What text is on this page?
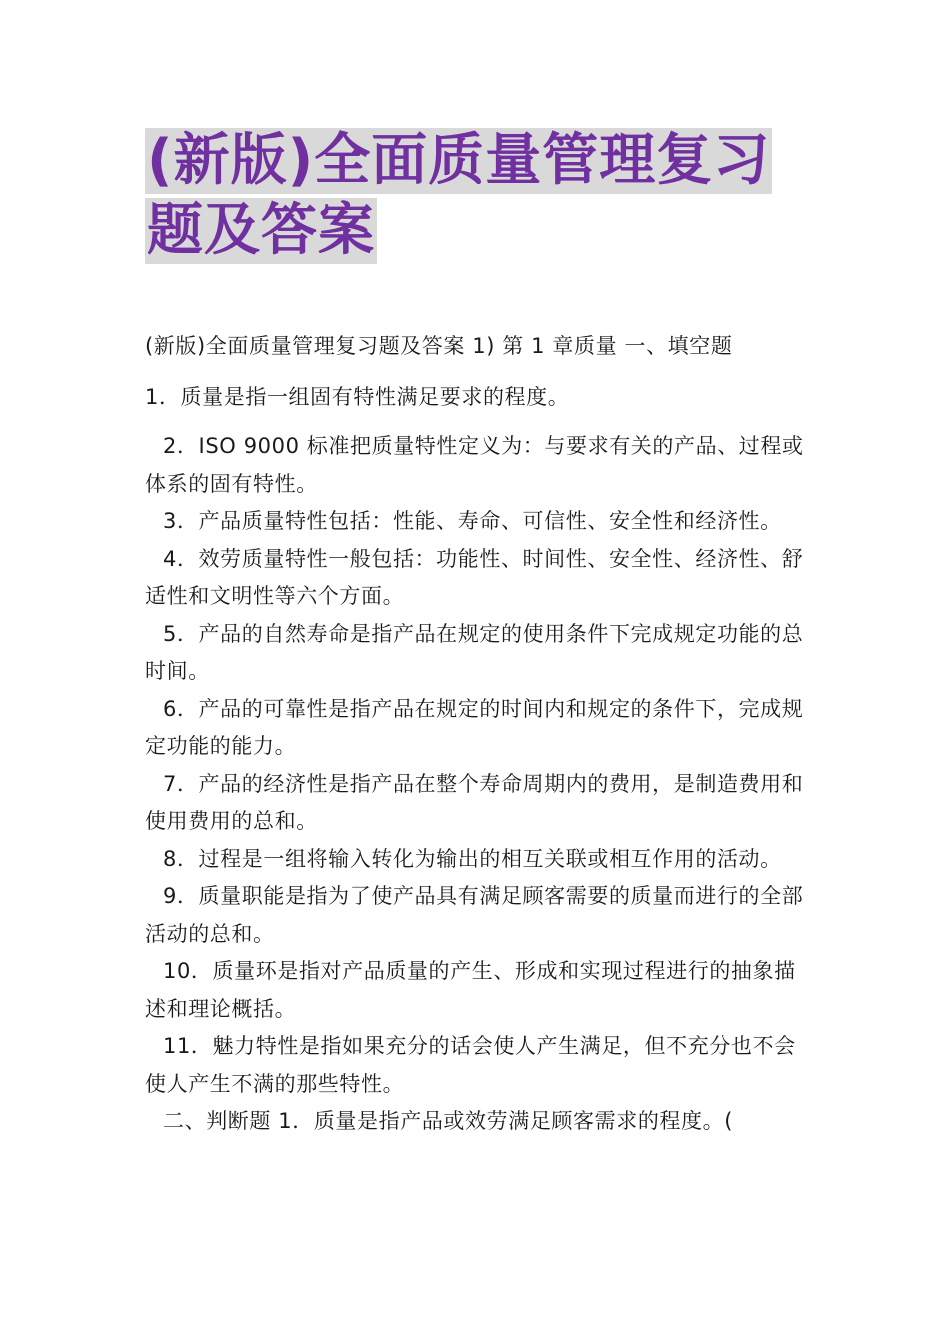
(新版)全面质量管理复习
题及答案

(新版)全面质量管理复习题及答案 1) 第 1 章质量 一、填空题

1．质量是指一组固有特性满足要求的程度。

2．ISO 9000 标准把质量特性定义为：与要求有关的产品、过程或体系的固有特性。

3．产品质量特性包括：性能、寿命、可信性、安全性和经济性。

4．效劳质量特性一般包括：功能性、时间性、安全性、经济性、舒适性和文明性等六个方面。

5．产品的自然寿命是指产品在规定的使用条件下完成规定功能的总时间。

6．产品的可靠性是指产品在规定的时间内和规定的条件下，完成规定功能的能力。

7．产品的经济性是指产品在整个寿命周期内的费用，是制造费用和使用费用的总和。

8．过程是一组将输入转化为输出的相互关联或相互作用的活动。

9．质量职能是指为了使产品具有满足顾客需要的质量而进行的全部活动的总和。

10．质量环是指对产品质量的产生、形成和实现过程进行的抽象描述和理论概括。

11．魅力特性是指如果充分的话会使人产生满足，但不充分也不会使人产生不满的那些特性。

二、判断题 1．质量是指产品或效劳满足顾客需求的程度。(
